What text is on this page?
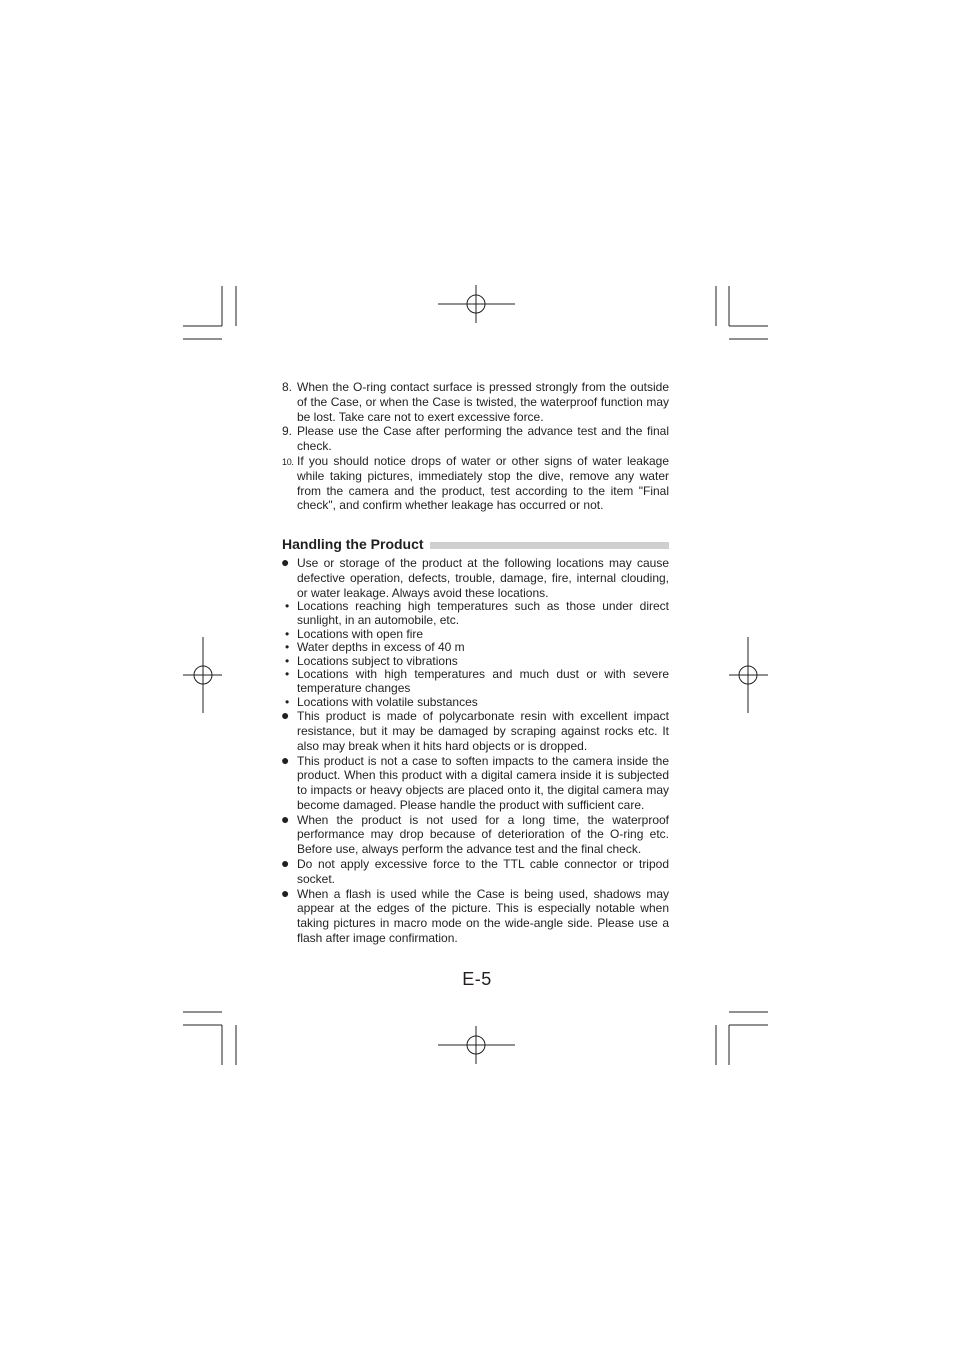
8. When the O-ring contact surface is pressed strongly from the outside of the Case, or when the Case is twisted, the waterproof function may be lost. Take care not to exert excessive force.
9. Please use the Case after performing the advance test and the final check.
10. If you should notice drops of water or other signs of water leakage while taking pictures, immediately stop the dive, remove any water from the camera and the product, test according to the item "Final check", and confirm whether leakage has occurred or not.
Handling the Product
● Use or storage of the product at the following locations may cause defective operation, defects, trouble, damage, fire, internal clouding, or water leakage. Always avoid these locations.
• Locations reaching high temperatures such as those under direct sunlight, in an automobile, etc.
• Locations with open fire
• Water depths in excess of 40 m
• Locations subject to vibrations
• Locations with high temperatures and much dust or with severe temperature changes
• Locations with volatile substances
● This product is made of polycarbonate resin with excellent impact resistance, but it may be damaged by scraping against rocks etc. It also may break when it hits hard objects or is dropped.
● This product is not a case to soften impacts to the camera inside the product. When this product with a digital camera inside it is subjected to impacts or heavy objects are placed onto it, the digital camera may become damaged. Please handle the product with sufficient care.
● When the product is not used for a long time, the waterproof performance may drop because of deterioration of the O-ring etc. Before use, always perform the advance test and the final check.
● Do not apply excessive force to the TTL cable connector or tripod socket.
● When a flash is used while the Case is being used, shadows may appear at the edges of the picture. This is especially notable when taking pictures in macro mode on the wide-angle side. Please use a flash after image confirmation.
E-5
